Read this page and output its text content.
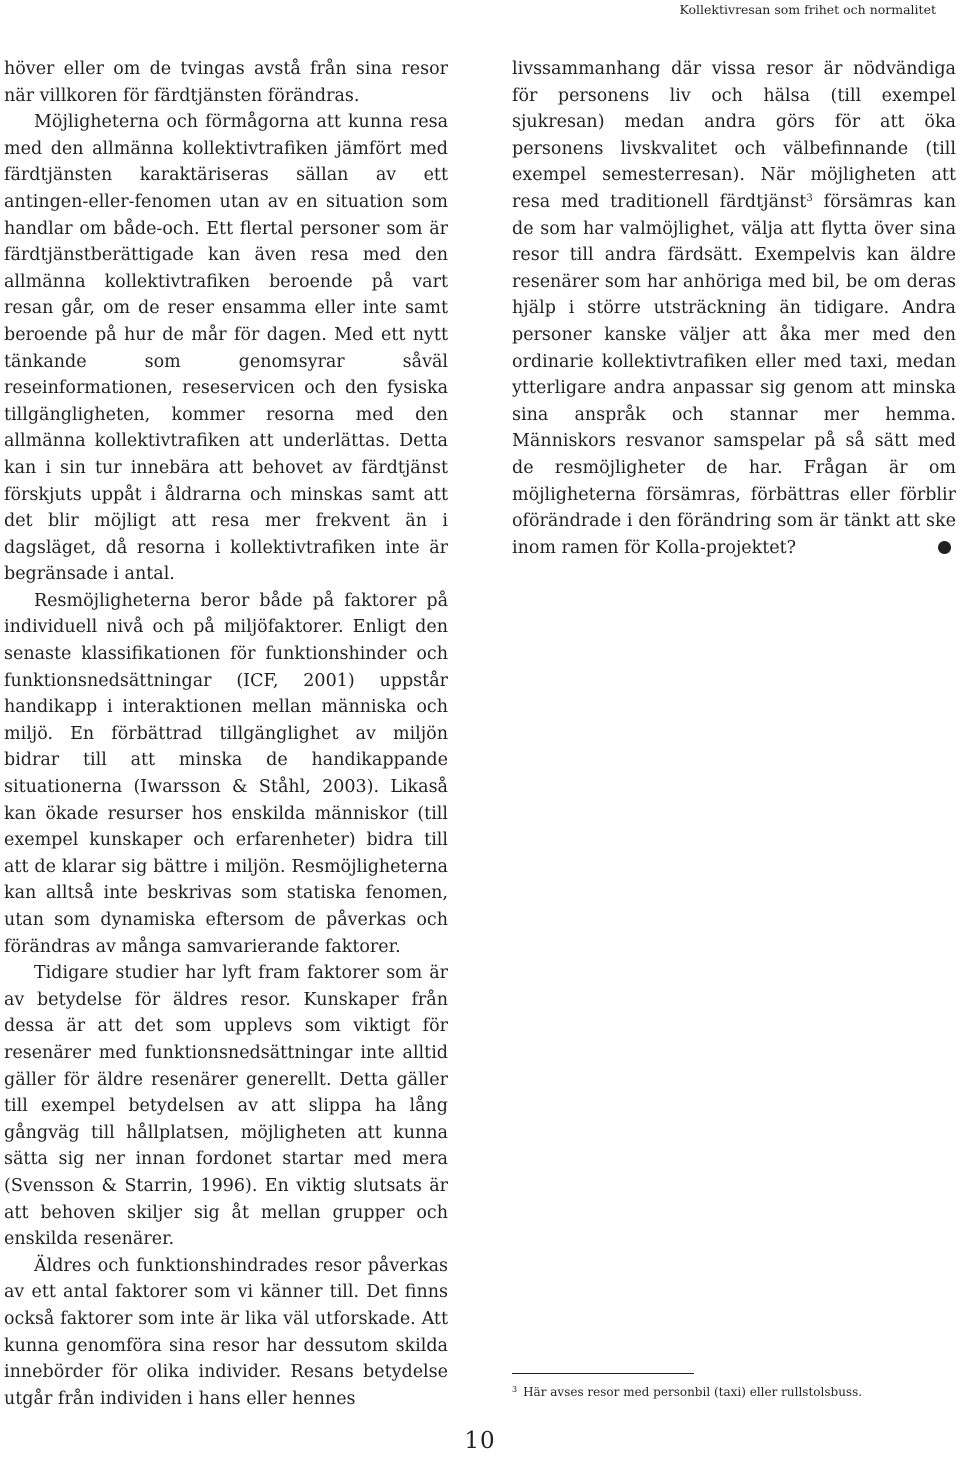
Kollektivresan som frihet och normalitet

höver eller om de tvingas avstå från sina resor när villkoren för färdtjänsten förändras.

Möjligheterna och förmågorna att kunna resa med den allmänna kollektivtrafiken jämfört med färdtjänsten karaktäriseras sällan av ett antingen-eller-fenomen utan av en situation som handlar om både-och. Ett flertal personer som är färdtjänstberättigade kan även resa med den allmänna kollektivtrafiken beroende på vart resan går, om de reser ensamma eller inte samt beroende på hur de mår för dagen. Med ett nytt tänkande som genomsyrar såväl reseinformationen, reseservicen och den fysiska tillgängligheten, kommer resorna med den allmänna kollektivtrafiken att underlättas. Detta kan i sin tur innebära att behovet av färdtjänst förskjuts uppåt i åldrarna och minskas samt att det blir möjligt att resa mer frekvent än i dagsläget, då resorna i kollektivtrafiken inte är begränsade i antal.

Resmöjligheterna beror både på faktorer på individuell nivå och på miljöfaktorer. Enligt den senaste klassifikationen för funktionshinder och funktionsnedsättningar (ICF, 2001) uppstår handikapp i interaktionen mellan människa och miljö. En förbättrad tillgänglighet av miljön bidrar till att minska de handikappande situationerna (Iwarsson & Ståhl, 2003). Likaså kan ökade resurser hos enskilda människor (till exempel kunskaper och erfarenheter) bidra till att de klarar sig bättre i miljön. Resmöjligheterna kan alltså inte beskrivas som statiska fenomen, utan som dynamiska eftersom de påverkas och förändras av många samvarierande faktorer.

Tidigare studier har lyft fram faktorer som är av betydelse för äldres resor. Kunskaper från dessa är att det som upplevs som viktigt för resenärer med funktionsnedsättningar inte alltid gäller för äldre resenärer generellt. Detta gäller till exempel betydelsen av att slippa ha lång gångväg till hållplatsen, möjligheten att kunna sätta sig ner innan fordonet startar med mera (Svensson & Starrin, 1996). En viktig slutsats är att behoven skiljer sig åt mellan grupper och enskilda resenärer.

Äldres och funktionshindrades resor påverkas av ett antal faktorer som vi känner till. Det finns också faktorer som inte är lika väl utforskade. Att kunna genomföra sina resor har dessutom skilda innebörder för olika individer. Resans betydelse utgår från individen i hans eller hennes

livssammanhang där vissa resor är nödvändiga för personens liv och hälsa (till exempel sjukresan) medan andra görs för att öka personens livskvalitet och välbefinnande (till exempel semesterresan). När möjligheten att resa med traditionell färdtjänst$^3$ försämras kan de som har valmöjlighet, välja att flytta över sina resor till andra färdsätt. Exempelvis kan äldre resenärer som har anhöriga med bil, be om deras hjälp i större utsträckning än tidigare. Andra personer kanske väljer att åka mer med den ordinarie kollektivtrafiken eller med taxi, medan ytterligare andra anpassar sig genom att minska sina anspråk och stannar mer hemma. Människors resvanor samspelar på så sätt med de resmöjligheter de har. Frågan är om möjligheterna försämras, förbättras eller förblir oförändrade i den förändring som är tänkt att ske inom ramen för Kolla-projektet?

$^3$ Här avses resor med personbil (taxi) eller rullstolsbuss.
10
